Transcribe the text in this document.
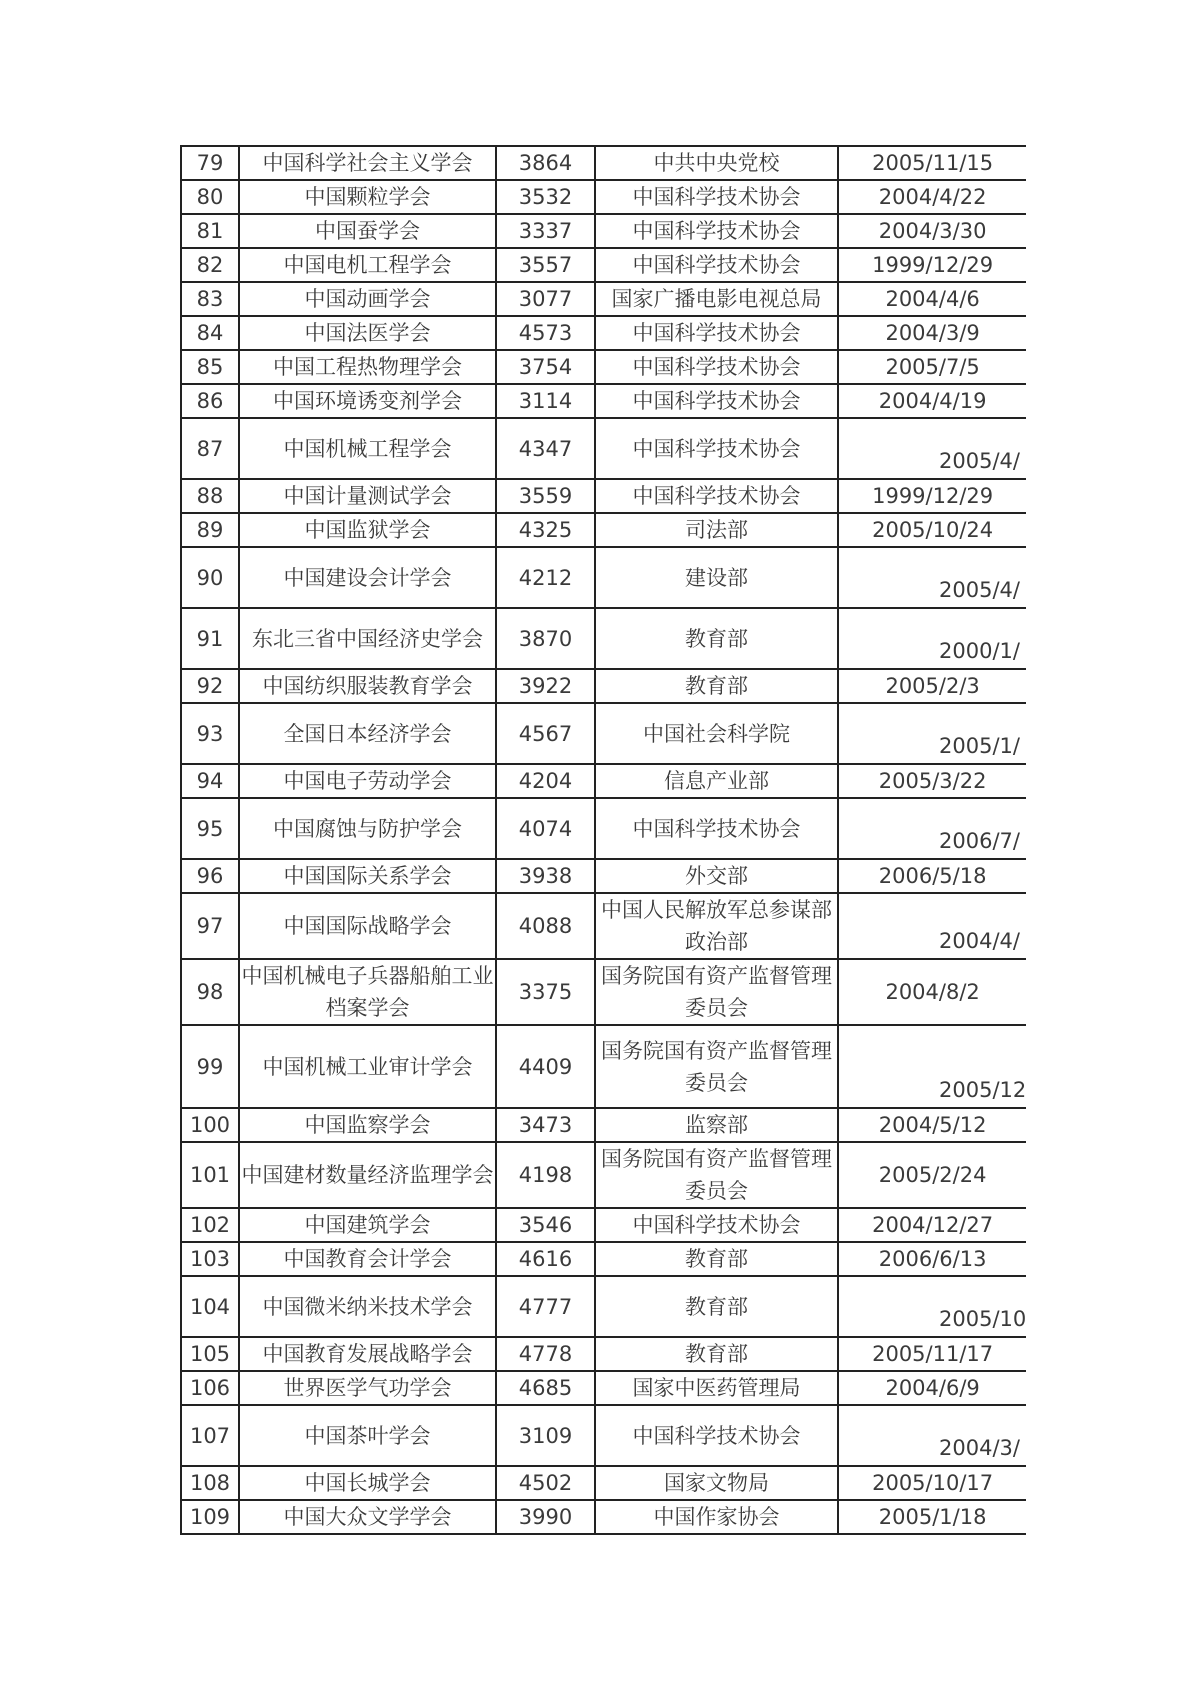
79	中国科学社会主义学会	3864	中共中央党校	2005/11/15
80	中国颗粒学会	3532	中国科学技术协会	2004/4/22
81	中国蚕学会	3337	中国科学技术协会	2004/3/30
82	中国电机工程学会	3557	中国科学技术协会	1999/12/29
83	中国动画学会	3077	国家广播电影电视总局	2004/4/6
84	中国法医学会	4573	中国科学技术协会	2004/3/9
85	中国工程热物理学会	3754	中国科学技术协会	2005/7/5
86	中国环境诱变剂学会	3114	中国科学技术协会	2004/4/19
87	中国机械工程学会	4347	中国科学技术协会	2005/4/
88	中国计量测试学会	3559	中国科学技术协会	1999/12/29
89	中国监狱学会	4325	司法部	2005/10/24
90	中国建设会计学会	4212	建设部	2005/4/
91	东北三省中国经济史学会	3870	教育部	2000/1/
92	中国纺织服装教育学会	3922	教育部	2005/2/3
93	全国日本经济学会	4567	中国社会科学院	2005/1/
94	中国电子劳动学会	4204	信息产业部	2005/3/22
95	中国腐蚀与防护学会	4074	中国科学技术协会	2006/7/
96	中国国际关系学会	3938	外交部	2006/5/18
97	中国国际战略学会	4088	中国人民解放军总参谋部政治部	2004/4/
98	中国机械电子兵器船舶工业档案学会	3375	国务院国有资产监督管理委员会	2004/8/2
99	中国机械工业审计学会	4409	国务院国有资产监督管理委员会	2005/12
100	中国监察学会	3473	监察部	2004/5/12
101	中国建材数量经济监理学会	4198	国务院国有资产监督管理委员会	2005/2/24
102	中国建筑学会	3546	中国科学技术协会	2004/12/27
103	中国教育会计学会	4616	教育部	2006/6/13
104	中国微米纳米技术学会	4777	教育部	2005/10
105	中国教育发展战略学会	4778	教育部	2005/11/17
106	世界医学气功学会	4685	国家中医药管理局	2004/6/9
107	中国茶叶学会	3109	中国科学技术协会	2004/3/
108	中国长城学会	4502	国家文物局	2005/10/17
109	中国大众文学学会	3990	中国作家协会	2005/1/18
